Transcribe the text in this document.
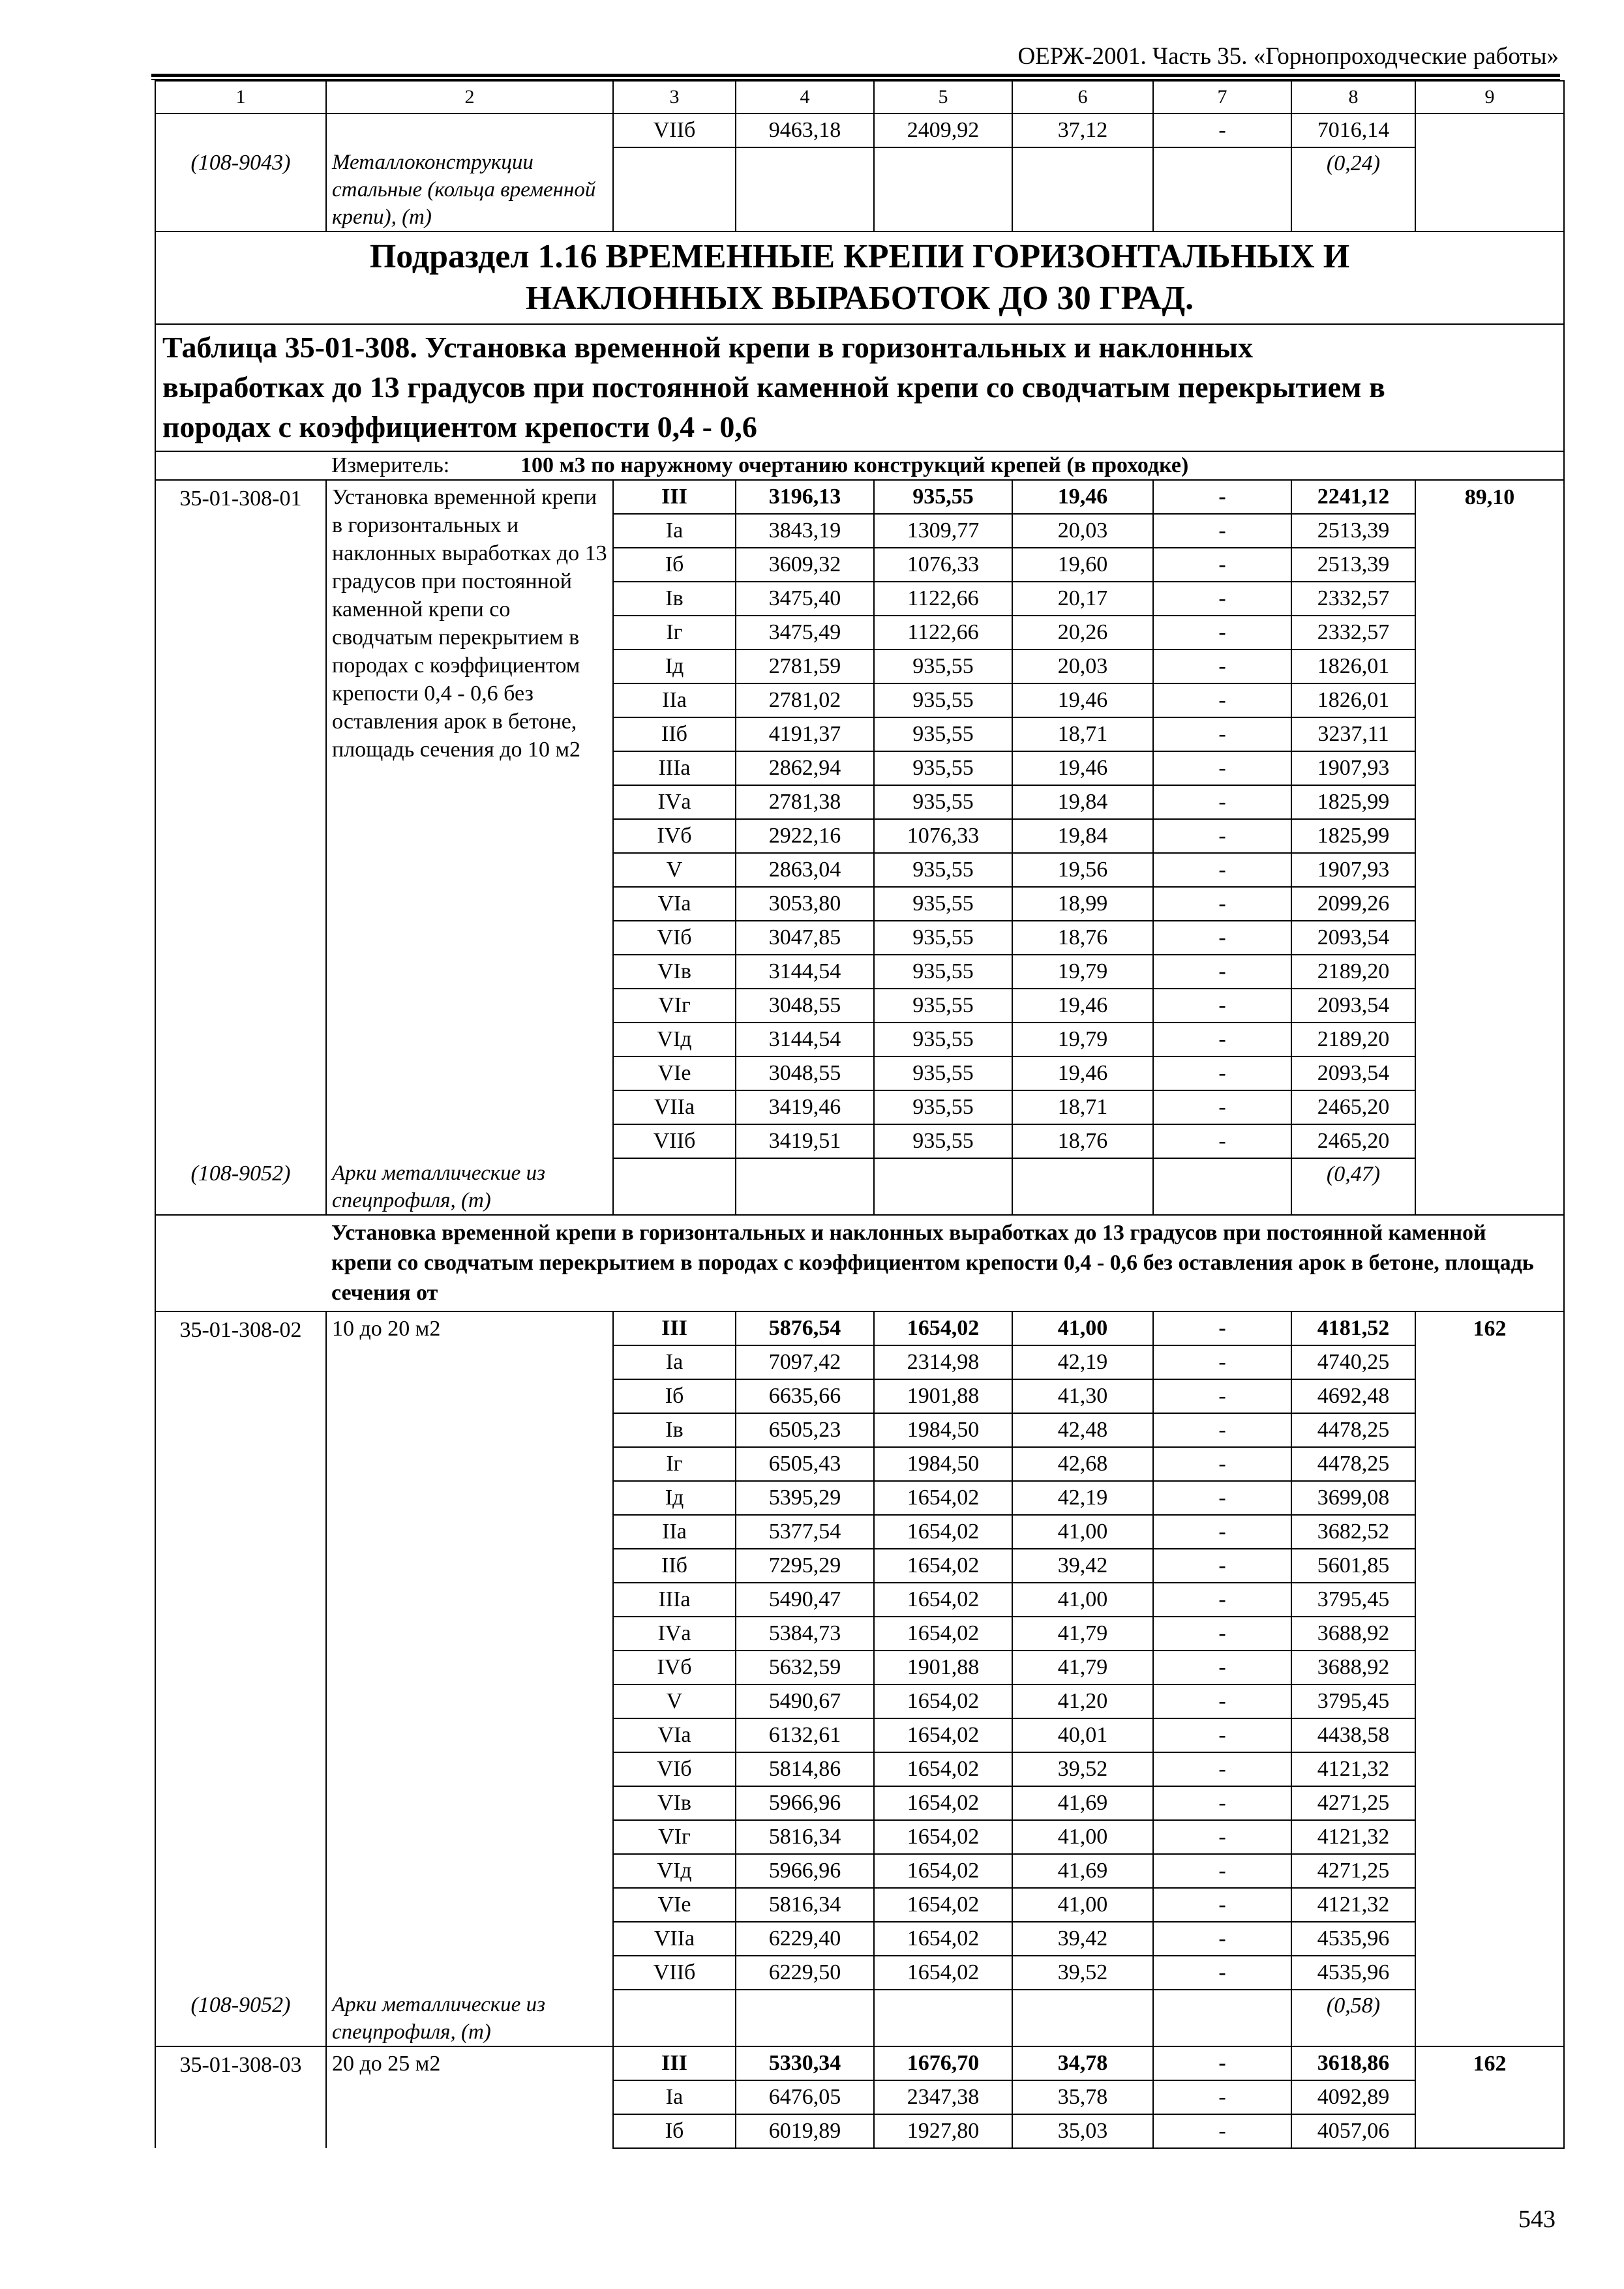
ОЕРЖ-2001. Часть 35. «Горнопроходческие работы»
1	2	3	4	5	6	7	8	9
		VIIб	9463,18	2409,92	37,12	-	7016,14	
(108-9043)	Металлоконструкции стальные (кольца временной крепи), (т)						(0,24)	

Подраздел 1.16 ВРЕМЕННЫЕ КРЕПИ ГОРИЗОНТАЛЬНЫХ И
НАКЛОННЫХ ВЫРАБОТОК ДО 30 ГРАД.								

Таблица 35-01-308. Установка временной крепи в горизонтальных и наклонных
выработках до 13 градусов при постоянной каменной крепи со сводчатым перекрытием в
породах с коэффициентом крепости 0,4 - 0,6								

	Измеритель: 100 м3 по наружному очертанию конструкций крепей (в проходке)							
35-01-308-01	Установка временной крепи в горизонтальных и наклонных выработках до 13 градусов при постоянной каменной крепи со сводчатым перекрытием в породах с коэффициентом крепости 0,4 - 0,6 без оставления арок в бетоне, площадь сечения до 10 м2	III	3196,13	935,55	19,46	-	2241,12	89,10
		Iа	3843,19	1309,77	20,03	-	2513,39	
		Iб	3609,32	1076,33	19,60	-	2513,39	
		Iв	3475,40	1122,66	20,17	-	2332,57	
		Iг	3475,49	1122,66	20,26	-	2332,57	
		Iд	2781,59	935,55	20,03	-	1826,01	
		IIа	2781,02	935,55	19,46	-	1826,01	
		IIб	4191,37	935,55	18,71	-	3237,11	
		IIIа	2862,94	935,55	19,46	-	1907,93	
		IVа	2781,38	935,55	19,84	-	1825,99	
		IVб	2922,16	1076,33	19,84	-	1825,99	
		V	2863,04	935,55	19,56	-	1907,93	
		VIа	3053,80	935,55	18,99	-	2099,26	
		VIб	3047,85	935,55	18,76	-	2093,54	
		VIв	3144,54	935,55	19,79	-	2189,20	
		VIг	3048,55	935,55	19,46	-	2093,54	
		VIд	3144,54	935,55	19,79	-	2189,20	
		VIе	3048,55	935,55	19,46	-	2093,54	
		VIIа	3419,46	935,55	18,71	-	2465,20	
		VIIб	3419,51	935,55	18,76	-	2465,20	
(108-9052)	Арки металлические из спецпрофиля, (т)						(0,47)	
	Установка временной крепи в горизонтальных и наклонных выработках до 13 градусов при постоянной каменной крепи со сводчатым перекрытием в породах с коэффициентом крепости 0,4 - 0,6 без оставления арок в бетоне, площадь сечения от							
35-01-308-02	10 до 20 м2	III	5876,54	1654,02	41,00	-	4181,52	162
		Iа	7097,42	2314,98	42,19	-	4740,25	
		Iб	6635,66	1901,88	41,30	-	4692,48	
		Iв	6505,23	1984,50	42,48	-	4478,25	
		Iг	6505,43	1984,50	42,68	-	4478,25	
		Iд	5395,29	1654,02	42,19	-	3699,08	
		IIа	5377,54	1654,02	41,00	-	3682,52	
		IIб	7295,29	1654,02	39,42	-	5601,85	
		IIIа	5490,47	1654,02	41,00	-	3795,45	
		IVа	5384,73	1654,02	41,79	-	3688,92	
		IVб	5632,59	1901,88	41,79	-	3688,92	
		V	5490,67	1654,02	41,20	-	3795,45	
		VIа	6132,61	1654,02	40,01	-	4438,58	
		VIб	5814,86	1654,02	39,52	-	4121,32	
		VIв	5966,96	1654,02	41,69	-	4271,25	
		VIг	5816,34	1654,02	41,00	-	4121,32	
		VIд	5966,96	1654,02	41,69	-	4271,25	
		VIе	5816,34	1654,02	41,00	-	4121,32	
		VIIа	6229,40	1654,02	39,42	-	4535,96	
		VIIб	6229,50	1654,02	39,52	-	4535,96	
(108-9052)	Арки металлические из спецпрофиля, (т)						(0,58)	
35-01-308-03	20 до 25 м2	III	5330,34	1676,70	34,78	-	3618,86	162
		Iа	6476,05	2347,38	35,78	-	4092,89	
		Iб	6019,89	1927,80	35,03	-	4057,06	
543
